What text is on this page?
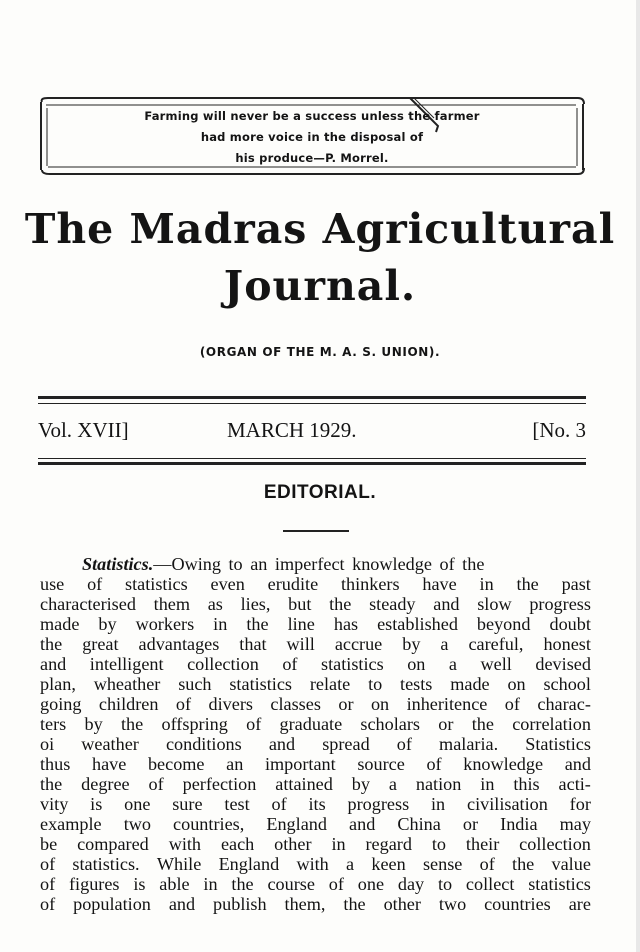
Farming will never be a success unless the farmer
had more voice in the disposal of
his produce—P. Morrel.
The Madras Agricultural
Journal.
(ORGAN OF THE M. A. S. UNION).
Vol. XVII]	MARCH 1929.	[No. 3
EDITORIAL.
Statistics. —Owing to an imperfect knowledge of the
use of statistics even erudite thinkers have in the past
characterised them as lies, but the steady and slow progress
made by workers in the line has established beyond doubt
the great advantages that will accrue by a careful, honest
and intelligent collection of statistics on a well devised
plan, wheather such statistics relate to tests made on school
going children of divers classes or on inheritence of charac-
ters by the offspring of graduate scholars or the correlation
oi weather conditions and spread of malaria. Statistics
thus have become an important source of knowledge and
the degree of perfection attained by a nation in this acti-
vity is one sure test of its progress in civilisation for
example two countries, England and China or India may
be compared with each other in regard to their collection
of statistics. While England with a keen sense of the value
of figures is able in the course of one day to collect statistics
of population and publish them, the other two countries are
